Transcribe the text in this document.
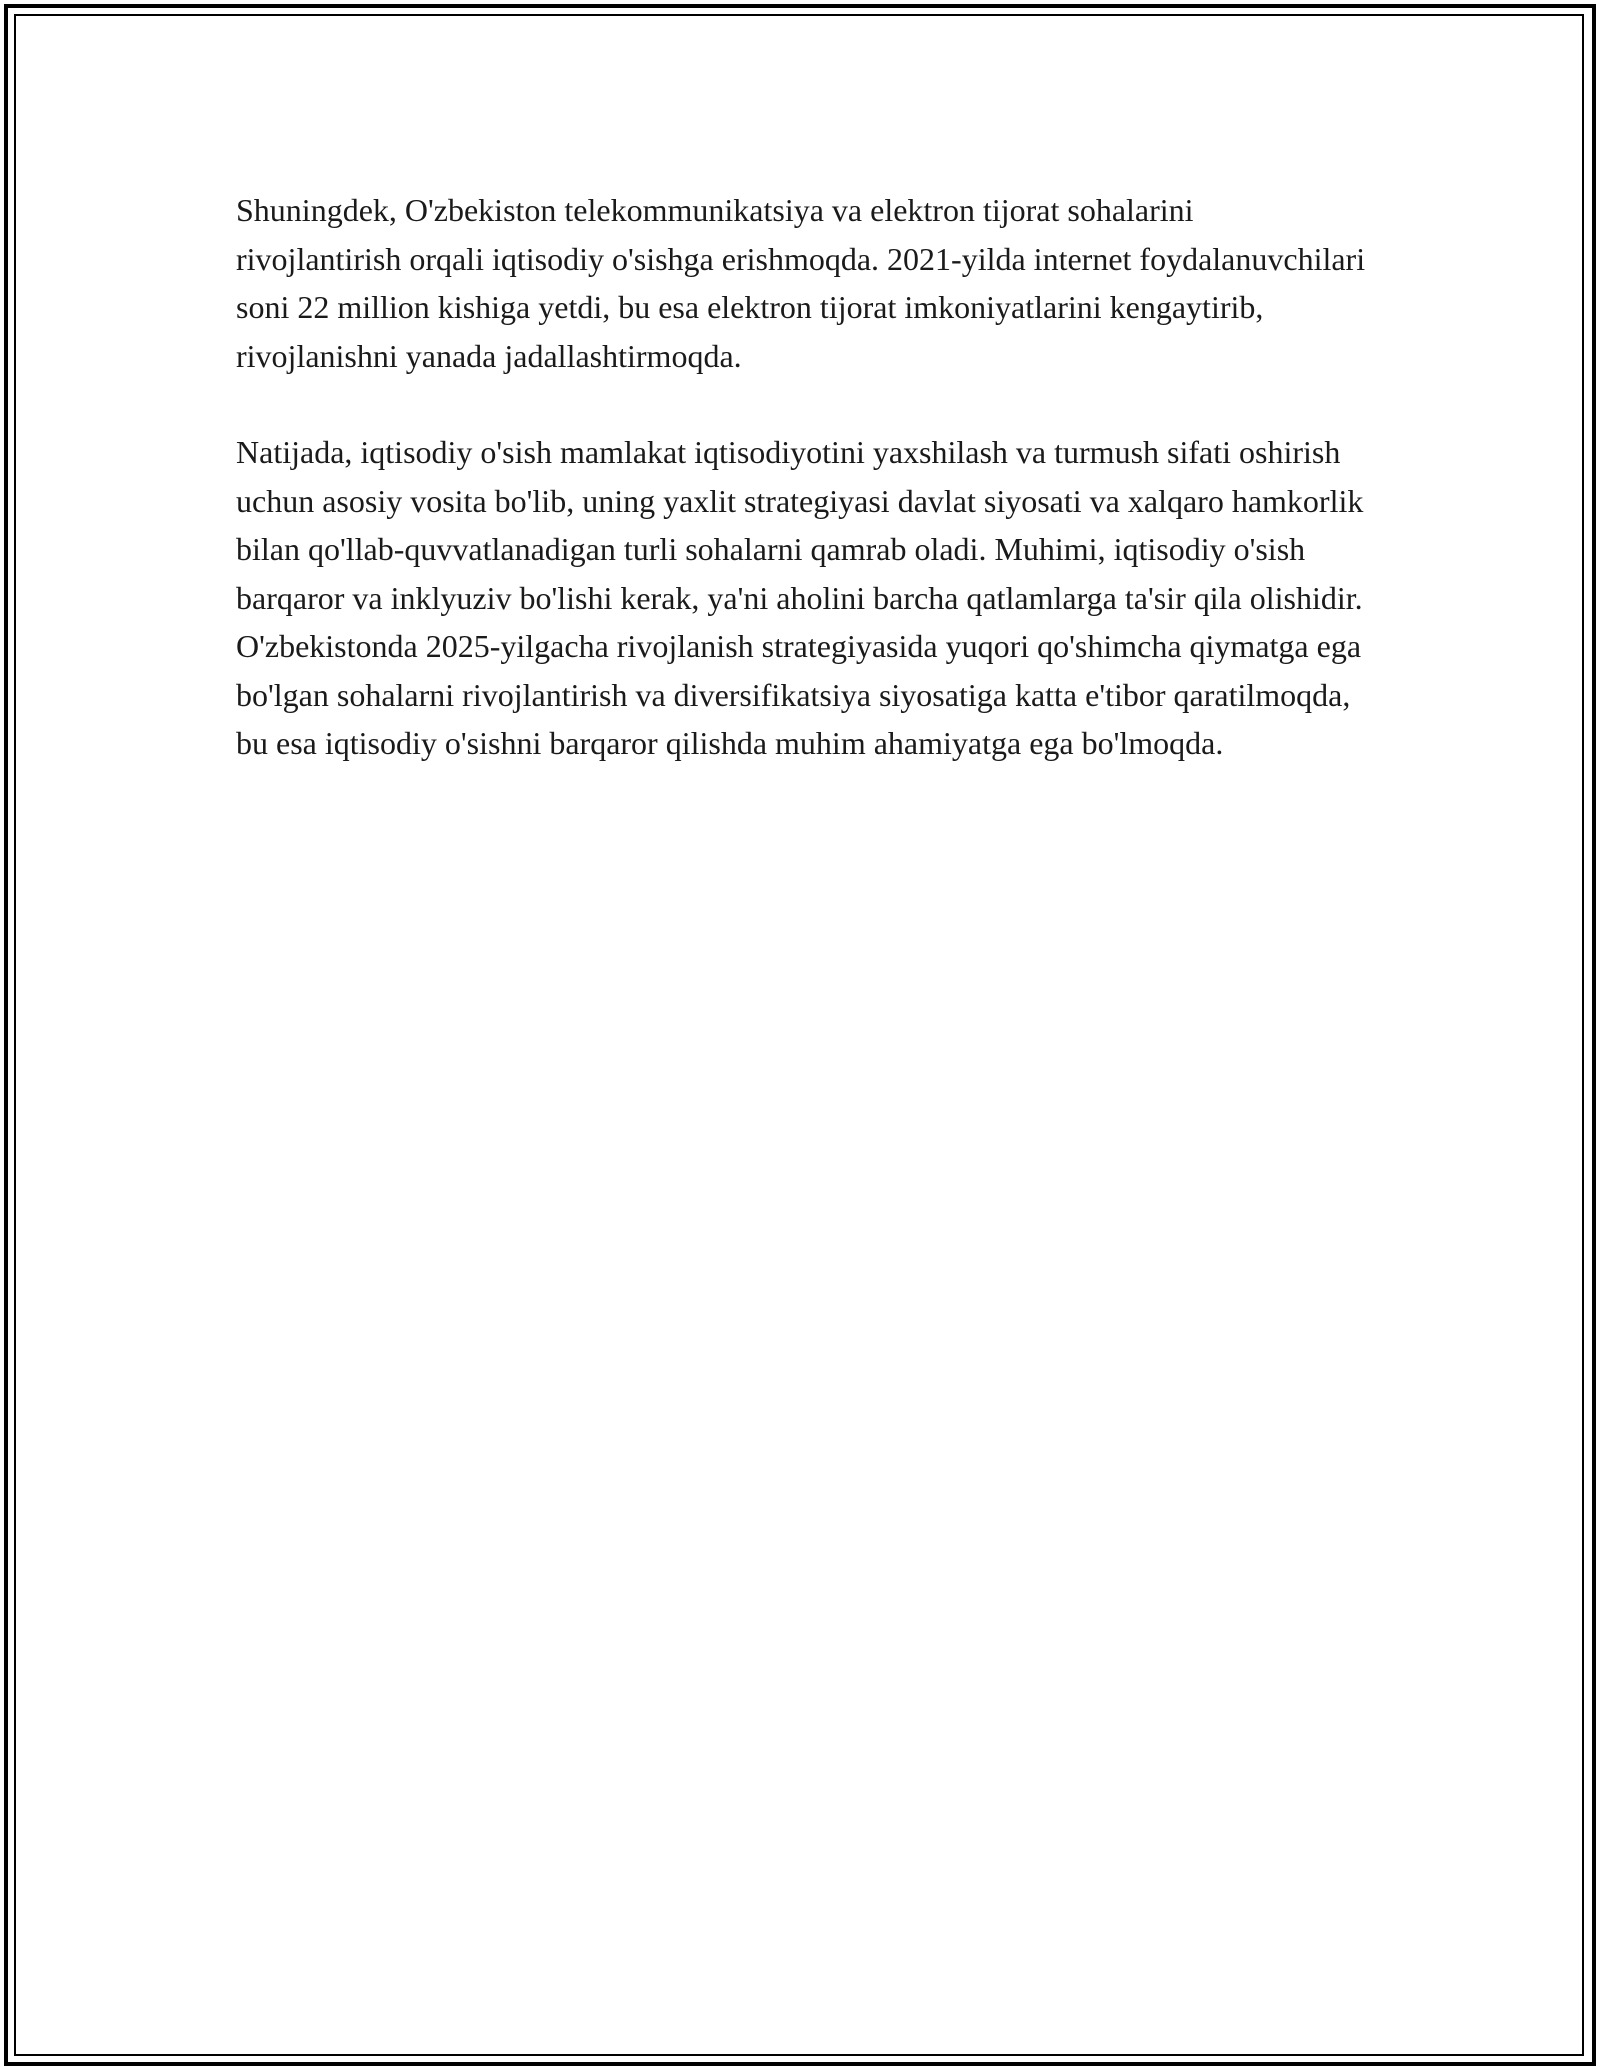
Shuningdek, O'zbekiston telekommunikatsiya va elektron tijorat sohalarini rivojlantirish orqali iqtisodiy o'sishga erishmoqda. 2021-yilda internet foydalanuvchilari soni 22 million kishiga yetdi, bu esa elektron tijorat imkoniyatlarini kengaytirib, rivojlanishni yanada jadallashtirmoqda.

Natijada, iqtisodiy o'sish mamlakat iqtisodiyotini yaxshilash va turmush sifati oshirish uchun asosiy vosita bo'lib, uning yaxlit strategiyasi davlat siyosati va xalqaro hamkorlik bilan qo'llab-quvvatlanadigan turli sohalarni qamrab oladi. Muhimi, iqtisodiy o'sish barqaror va inklyuziv bo'lishi kerak, ya'ni aholini barcha qatlamlarga ta'sir qila olishidir. O'zbekistonda 2025-yilgacha rivojlanish strategiyasida yuqori qo'shimcha qiymatga ega bo'lgan sohalarni rivojlantirish va diversifikatsiya siyosatiga katta e'tibor qaratilmoqda, bu esa iqtisodiy o'sishni barqaror qilishda muhim ahamiyatga ega bo'lmoqda.
